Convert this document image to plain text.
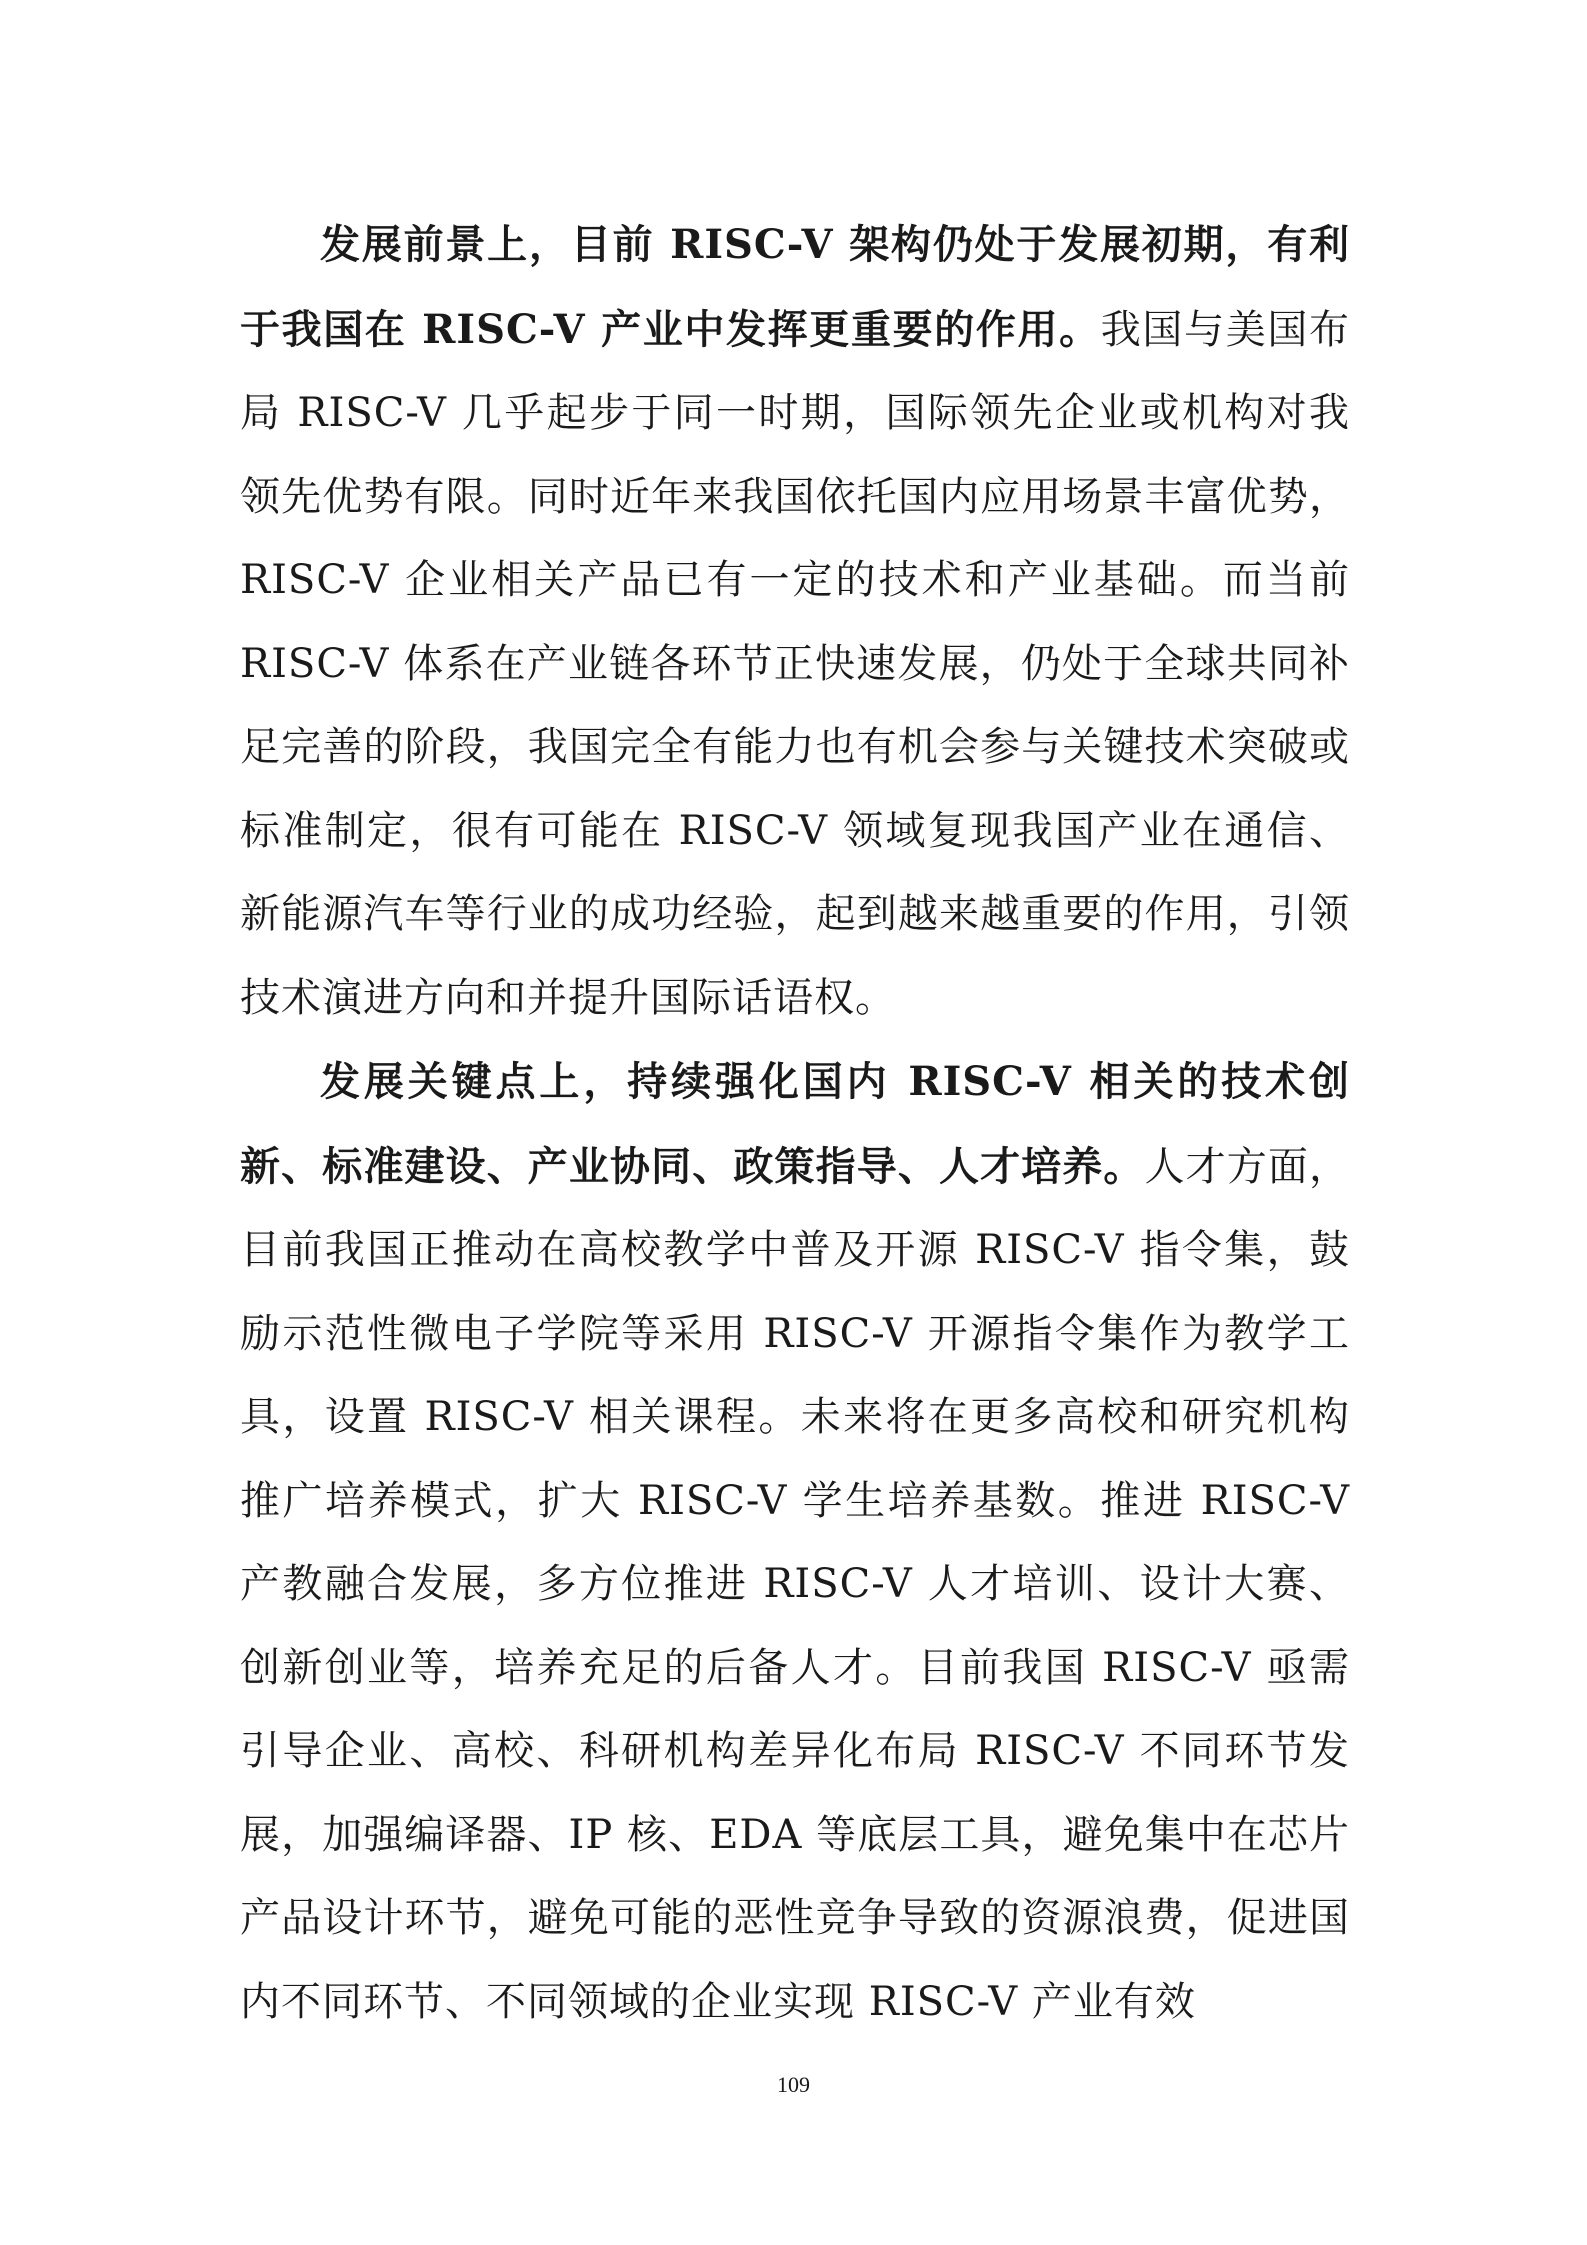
发展前景上，目前 RISC-V 架构仍处于发展初期，有利于我国在 RISC-V 产业中发挥更重要的作用。我国与美国布局 RISC-V 几乎起步于同一时期，国际领先企业或机构对我领先优势有限。同时近年来我国依托国内应用场景丰富优势，RISC-V 企业相关产品已有一定的技术和产业基础。而当前 RISC-V 体系在产业链各环节正快速发展，仍处于全球共同补足完善的阶段，我国完全有能力也有机会参与关键技术突破或标准制定，很有可能在 RISC-V 领域复现我国产业在通信、新能源汽车等行业的成功经验，起到越来越重要的作用，引领技术演进方向和并提升国际话语权。

发展关键点上，持续强化国内 RISC-V 相关的技术创新、标准建设、产业协同、政策指导、人才培养。人才方面，目前我国正推动在高校教学中普及开源 RISC-V 指令集，鼓励示范性微电子学院等采用 RISC-V 开源指令集作为教学工具，设置 RISC-V 相关课程。未来将在更多高校和研究机构推广培养模式，扩大 RISC-V 学生培养基数。推进 RISC-V 产教融合发展，多方位推进 RISC-V 人才培训、设计大赛、创新创业等，培养充足的后备人才。目前我国 RISC-V 亟需引导企业、高校、科研机构差异化布局 RISC-V 不同环节发展，加强编译器、IP 核、EDA 等底层工具，避免集中在芯片产品设计环节，避免可能的恶性竞争导致的资源浪费，促进国内不同环节、不同领域的企业实现 RISC-V 产业有效

109
